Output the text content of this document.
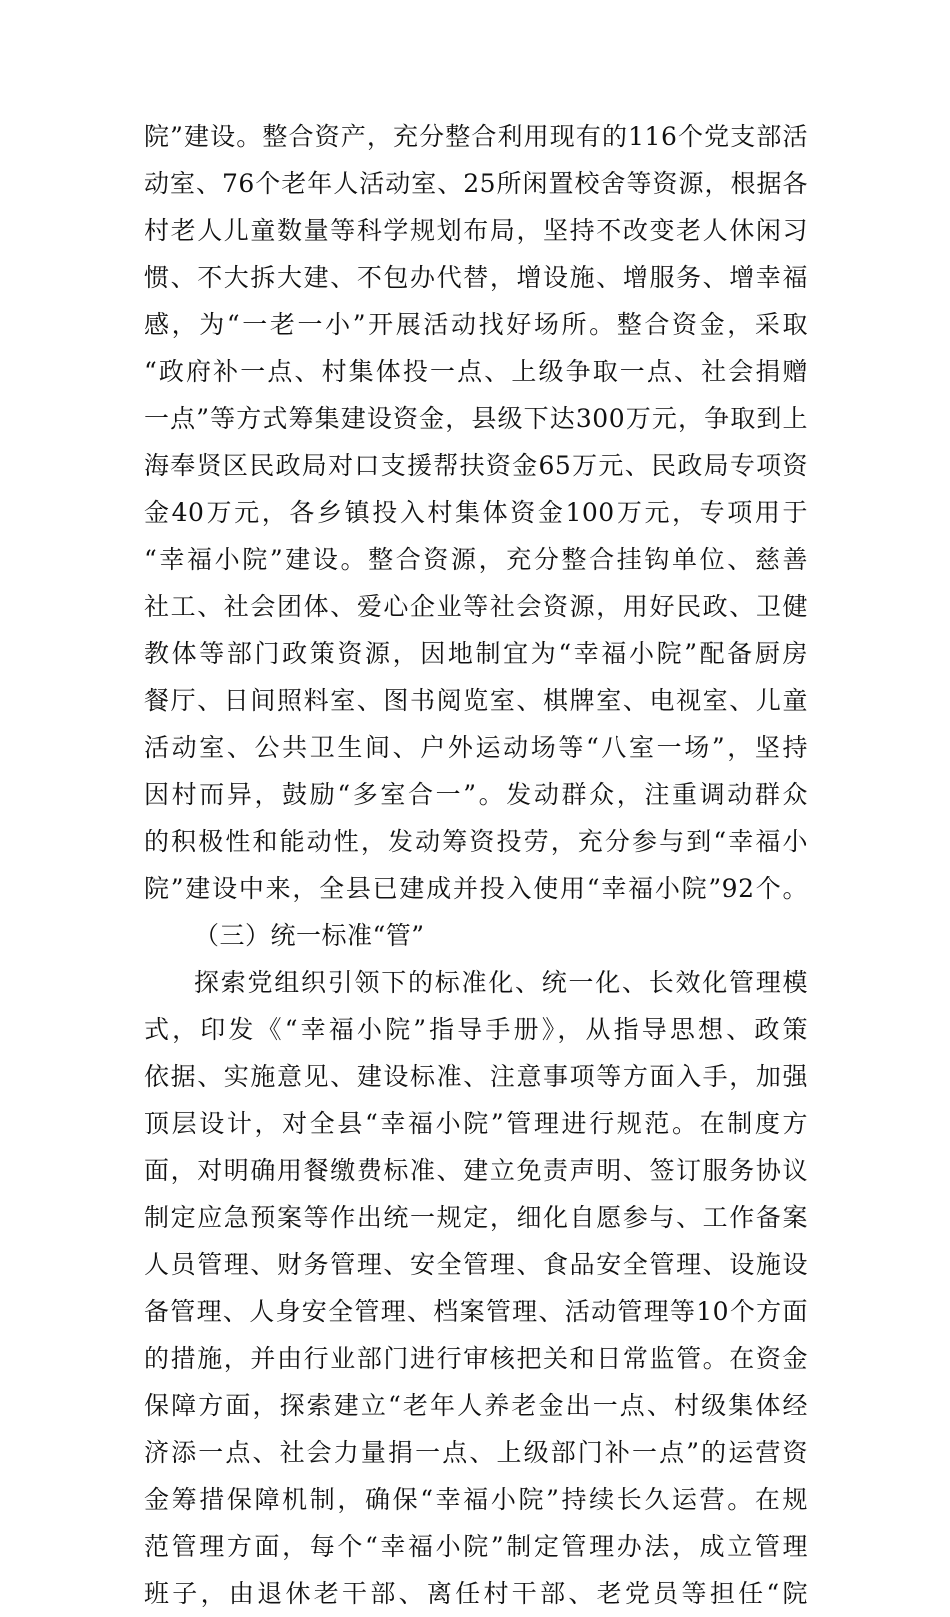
院”建设。整合资产，充分整合利用现有的116个党支部活
动室、76个老年人活动室、25所闲置校舍等资源，根据各
村老人儿童数量等科学规划布局，坚持不改变老人休闲习
惯、不大拆大建、不包办代替，增设施、增服务、增幸福
感，为“一老一小”开展活动找好场所。整合资金，采取
“政府补一点、村集体投一点、上级争取一点、社会捐赠
一点”等方式筹集建设资金，县级下达300万元，争取到上
海奉贤区民政局对口支援帮扶资金65万元、民政局专项资
金40万元，各乡镇投入村集体资金100万元，专项用于
“幸福小院”建设。整合资源，充分整合挂钩单位、慈善
社工、社会团体、爱心企业等社会资源，用好民政、卫健
教体等部门政策资源，因地制宜为“幸福小院”配备厨房
餐厅、日间照料室、图书阅览室、棋牌室、电视室、儿童
活动室、公共卫生间、户外运动场等“八室一场”，坚持
因村而异，鼓励“多室合一”。发动群众，注重调动群众
的积极性和能动性，发动筹资投劳，充分参与到“幸福小
院”建设中来，全县已建成并投入使用“幸福小院”92个。
（三）统一标准“管”
探索党组织引领下的标准化、统一化、长效化管理模
式，印发《“幸福小院”指导手册》，从指导思想、政策
依据、实施意见、建设标准、注意事项等方面入手，加强
顶层设计，对全县“幸福小院”管理进行规范。在制度方
面，对明确用餐缴费标准、建立免责声明、签订服务协议
制定应急预案等作出统一规定，细化自愿参与、工作备案
人员管理、财务管理、安全管理、食品安全管理、设施设
备管理、人身安全管理、档案管理、活动管理等10个方面
的措施，并由行业部门进行审核把关和日常监管。在资金
保障方面，探索建立“老年人养老金出一点、村级集体经
济添一点、社会力量捐一点、上级部门补一点”的运营资
金筹措保障机制，确保“幸福小院”持续长久运营。在规
范管理方面，每个“幸福小院”制定管理办法，成立管理
班子，由退休老干部、离任村干部、老党员等担任“院
